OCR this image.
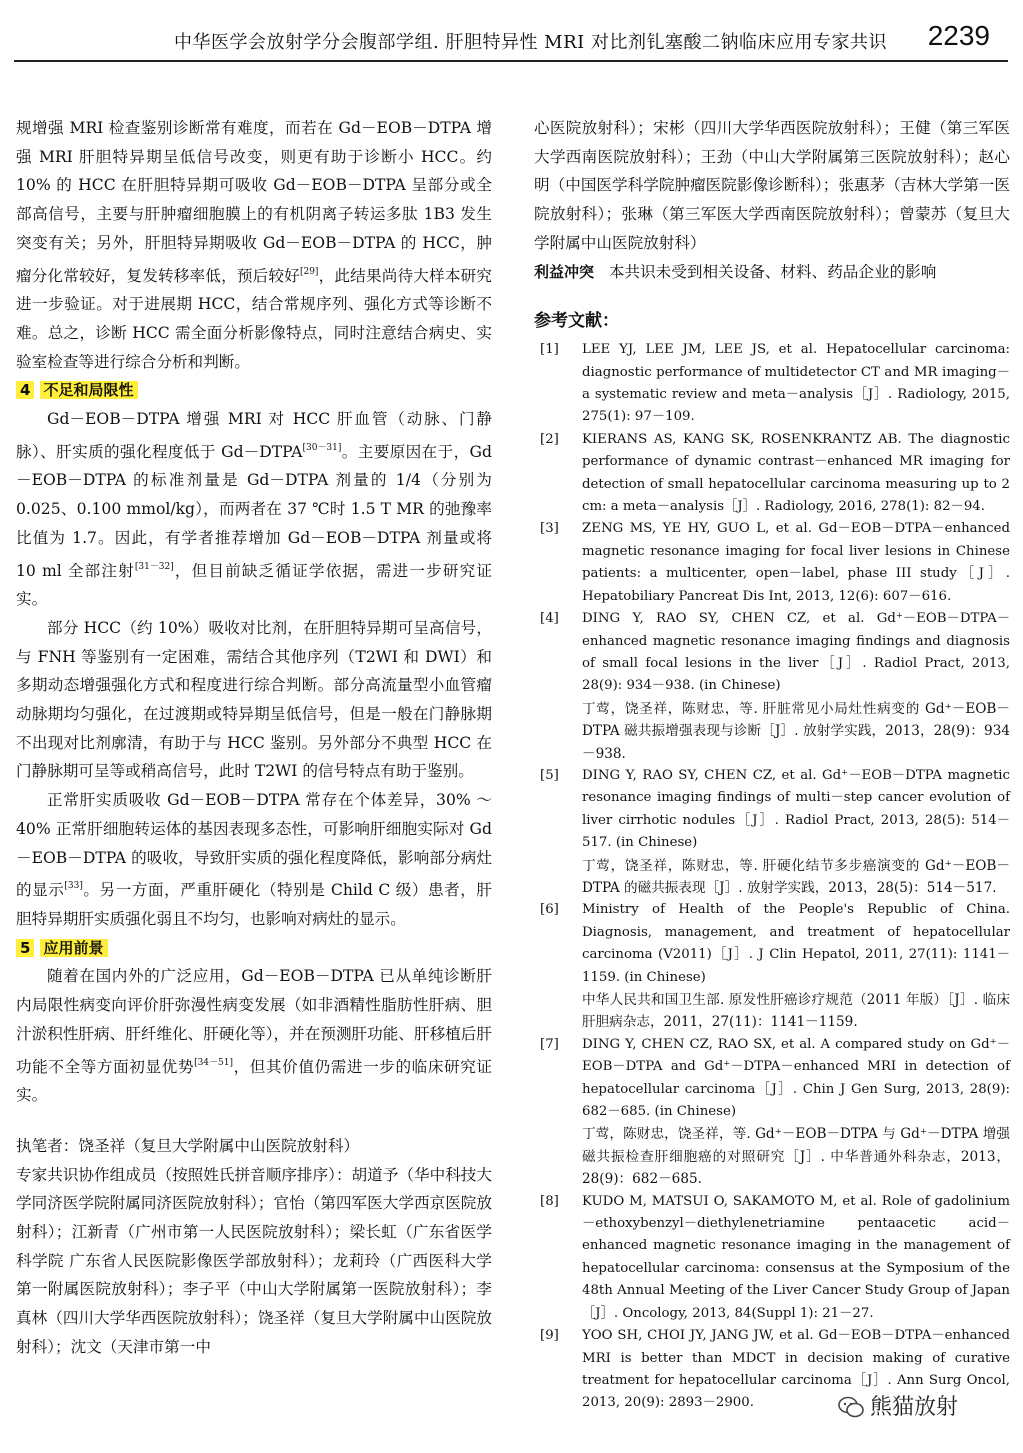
中华医学会放射学分会腹部学组. 肝胆特异性 MRI 对比剂钆塞酸二钠临床应用专家共识 2239

规增强 MRI 检查鉴别诊断常有难度，而若在 Gd－EOB－DTPA 增强 MRI 肝胆特异期呈低信号改变，则更有助于诊断小 HCC。约 10% 的 HCC 在肝胆特异期可吸收 Gd－EOB－DTPA 呈部分或全部高信号，主要与肝肿瘤细胞膜上的有机阴离子转运多肽 1B3 发生突变有关；另外，肝胆特异期吸收 Gd－EOB－DTPA 的 HCC，肿瘤分化常较好，复发转移率低，预后较好[29]，此结果尚待大样本研究进一步验证。对于进展期 HCC，结合常规序列、强化方式等诊断不难。总之，诊断 HCC 需全面分析影像特点，同时注意结合病史、实验室检查等进行综合分析和判断。

4 不足和局限性

Gd－EOB－DTPA 增强 MRI 对 HCC 肝血管（动脉、门静脉）、肝实质的强化程度低于 Gd－DTPA[30－31]。主要原因在于，Gd－EOB－DTPA 的标准剂量是 Gd－DTPA 剂量的 1/4（分别为 0.025、0.100 mmol/kg），而两者在 37 ℃时 1.5 T MR 的弛豫率比值为 1.7。因此，有学者推荐增加 Gd－EOB－DTPA 剂量或将 10 ml 全部注射[31－32]，但目前缺乏循证学依据，需进一步研究证实。

部分 HCC（约 10%）吸收对比剂，在肝胆特异期可呈高信号，与 FNH 等鉴别有一定困难，需结合其他序列（T2WI 和 DWI）和多期动态增强强化方式和程度进行综合判断。部分高流量型小血管瘤动脉期均匀强化，在过渡期或特异期呈低信号，但是一般在门静脉期不出现对比剂廓清，有助于与 HCC 鉴别。另外部分不典型 HCC 在门静脉期可呈等或稍高信号，此时 T2WI 的信号特点有助于鉴别。

正常肝实质吸收 Gd－EOB－DTPA 常存在个体差异，30% ～ 40% 正常肝细胞转运体的基因表现多态性，可影响肝细胞实际对 Gd－EOB－DTPA 的吸收，导致肝实质的强化程度降低，影响部分病灶的显示[33]。另一方面，严重肝硬化（特别是 Child C 级）患者，肝胆特异期肝实质强化弱且不均匀，也影响对病灶的显示。

5 应用前景

随着在国内外的广泛应用，Gd－EOB－DTPA 已从单纯诊断肝内局限性病变向评价肝弥漫性病变发展（如非酒精性脂肪性肝病、胆汁淤积性肝病、肝纤维化、肝硬化等），并在预测肝功能、肝移植后肝功能不全等方面初显优势[34－51]，但其价值仍需进一步的临床研究证实。

执笔者：饶圣祥（复旦大学附属中山医院放射科）

专家共识协作组成员（按照姓氏拼音顺序排序）：胡道予（华中科技大学同济医学院附属同济医院放射科）；官怡（第四军医大学西京医院放射科）；江新青（广州市第一人民医院放射科）；梁长虹（广东省医学科学院 广东省人民医院影像医学部放射科）；龙莉玲（广西医科大学第一附属医院放射科）；李子平（中山大学附属第一医院放射科）；李真林（四川大学华西医院放射科）；饶圣祥（复旦大学附属中山医院放射科）；沈文（天津市第一中

心医院放射科）；宋彬（四川大学华西医院放射科）；王健（第三军医大学西南医院放射科）；王劲（中山大学附属第三医院放射科）；赵心明（中国医学科学院肿瘤医院影像诊断科）；张惠茅（吉林大学第一医院放射科）；张琳（第三军医大学西南医院放射科）；曾蒙苏（复旦大学附属中山医院放射科）

利益冲突 本共识未受到相关设备、材料、药品企业的影响

参考文献：
[1] LEE YJ, LEE JM, LEE JS, et al. Hepatocellular carcinoma: diagnostic performance of multidetector CT and MR imaging－a systematic review and meta－analysis［J］. Radiology, 2015, 275(1): 97－109.
[2] KIERANS AS, KANG SK, ROSENKRANTZ AB. The diagnostic performance of dynamic contrast－enhanced MR imaging for detection of small hepatocellular carcinoma measuring up to 2 cm: a meta－analysis［J］. Radiology, 2016, 278(1): 82－94.
[3] ZENG MS, YE HY, GUO L, et al. Gd－EOB－DTPA－enhanced magnetic resonance imaging for focal liver lesions in Chinese patients: a multicenter, open－label, phase III study［J］. Hepatobiliary Pancreat Dis Int, 2013, 12(6): 607－616.
[4] DING Y, RAO SY, CHEN CZ, et al. Gd⁺－EOB－DTPA－enhanced magnetic resonance imaging findings and diagnosis of small focal lesions in the liver［J］. Radiol Pract, 2013, 28(9): 934－938. (in Chinese)
丁莺，饶圣祥，陈财忠，等. 肝脏常见小局灶性病变的 Gd⁺－EOB－DTPA 磁共振增强表现与诊断［J］. 放射学实践，2013，28(9)：934－938.
[5] DING Y, RAO SY, CHEN CZ, et al. Gd⁺－EOB－DTPA magnetic resonance imaging findings of multi－step cancer evolution of liver cirrhotic nodules［J］. Radiol Pract, 2013, 28(5): 514－517. (in Chinese)
丁莺，饶圣祥，陈财忠，等. 肝硬化结节多步癌演变的 Gd⁺－EOB－DTPA 的磁共振表现［J］. 放射学实践，2013，28(5)：514－517.
[6] Ministry of Health of the People's Republic of China. Diagnosis, management, and treatment of hepatocellular carcinoma (V2011)［J］. J Clin Hepatol, 2011, 27(11): 1141－1159. (in Chinese)
中华人民共和国卫生部. 原发性肝癌诊疗规范（2011 年版）［J］. 临床肝胆病杂志，2011，27(11)：1141－1159.
[7] DING Y, CHEN CZ, RAO SX, et al. A compared study on Gd⁺－EOB－DTPA and Gd⁺－DTPA－enhanced MRI in detection of hepatocellular carcinoma［J］. Chin J Gen Surg, 2013, 28(9): 682－685. (in Chinese)
丁莺，陈财忠，饶圣祥，等. Gd⁺－EOB－DTPA 与 Gd⁺－DTPA 增强磁共振检查肝细胞癌的对照研究［J］. 中华普通外科杂志，2013，28(9)：682－685.
[8] KUDO M, MATSUI O, SAKAMOTO M, et al. Role of gadolinium－ethoxybenzyl－diethylenetriamine pentaacetic acid－enhanced magnetic resonance imaging in the management of hepatocellular carcinoma: consensus at the Symposium of the 48th Annual Meeting of the Liver Cancer Study Group of Japan［J］. Oncology, 2013, 84(Suppl 1): 21－27.
[9] YOO SH, CHOI JY, JANG JW, et al. Gd－EOB－DTPA－enhanced MRI is better than MDCT in decision making of curative treatment for hepatocellular carcinoma［J］. Ann Surg Oncol, 2013, 20(9): 2893－2900.	熊猫放射
